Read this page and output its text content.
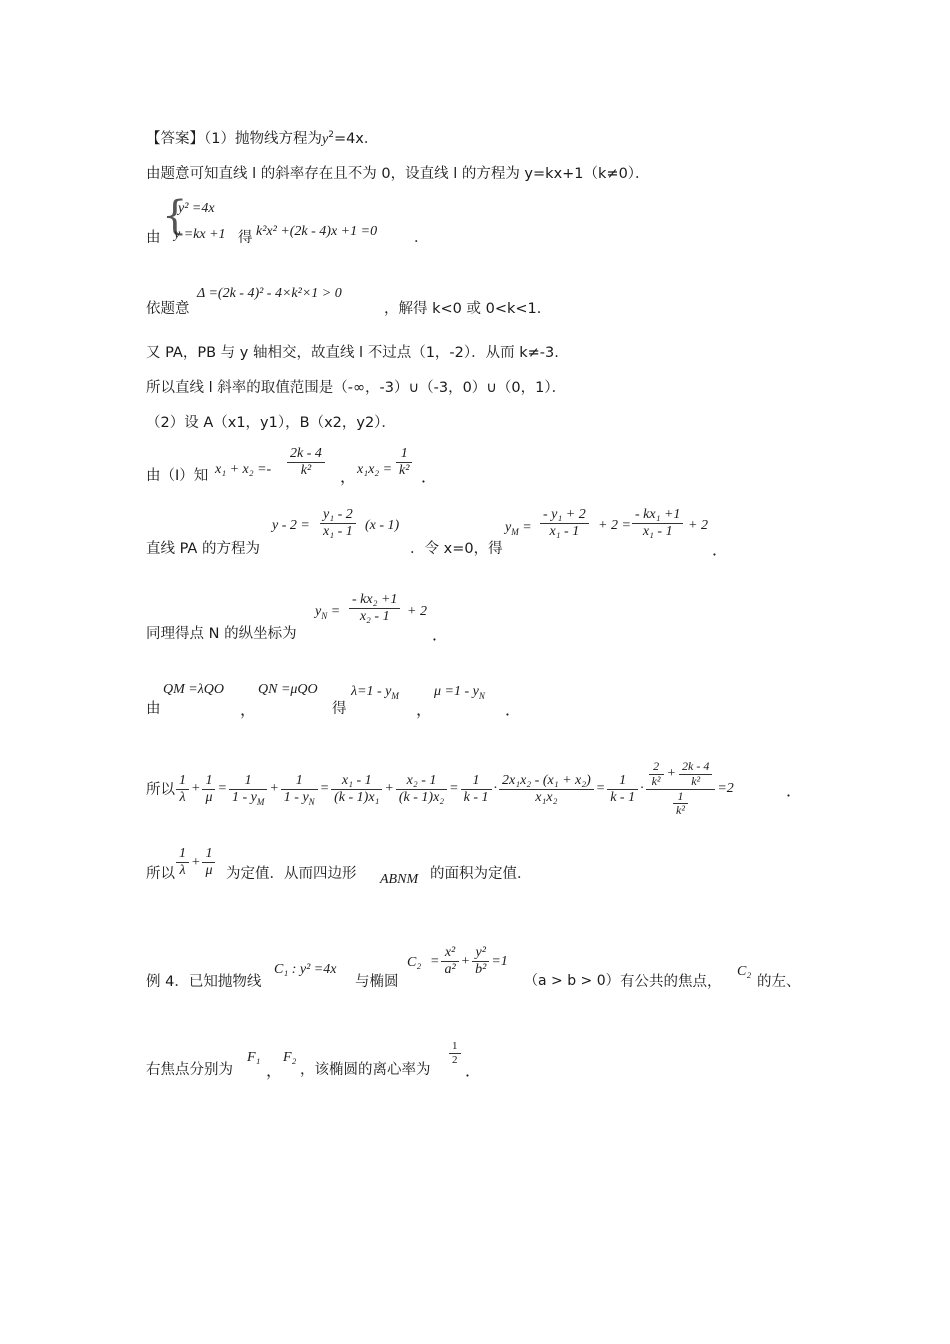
【答案】（1）抛物线方程为$y^2=4x$．
由题意可知直线 l 的斜率存在且不为 0，设直线 l 的方程为 y=kx+1（k≠0）．
由 {
y² =4x
y =kx +1 得 k²x² +(2k - 4)x +1 =0	．
依题意
Δ =(2k - 4)² - 4×k²×1 > 0
，解得 k<0 或 0<k<1.
又 PA，PB 与 y 轴相交，故直线 l 不过点（1，-2）．从而 k≠-3.
所以直线 l 斜率的取值范围是（-∞，-3）∪（-3，0）∪（0，1）．
（2）设 A（x1，y1），B（x2，y2）．
由（I）知 $x_1 + x_2 =- \frac{2k - 4}{\text{k²}}$ ， $x_1x_2 = \frac{1}{\text{k²}}$ ．
直线 PA 的方程为
$y - 2 = \frac{\text{y₁ - 2}}{\text{x₁ - 1}} (x - 1)$
．令 x=0，得
$y_M = \frac{\text{- y₁ + 2}}{\text{x₁ - 1}} + 2 = \frac{\text{- kx₁ +1}}{\text{x₁ - 1}} + 2$
．
同理得点 N 的纵坐标为
$y_N = \frac{\text{- kx₂ +1}}{\text{x₂ - 1}} + 2$
．
由
QM =λQO
，
QN =μQO
得
$\lambda=1 - y_M$
，
$\mu =1 - y_N$
．
所以 $\frac{1}{\lambda} + \frac{1}{\mu} = \frac{1}{1 - y_M} + \frac{1}{1 - y_N} = \frac{\text{x₁ - 1}}{\text{(k - 1)x₁}} + \frac{\text{x₂ - 1}}{\text{(k - 1)x₂}} = \frac{1}{k - 1} \cdot \frac{\text{2x₁x₂ - (x₁ + x₂)}}{\text{x₁x₂}} = \frac{1}{k - 1} \cdot \frac{\frac{2}{\text{k²}} + \frac{2k - 4}{\text{k²}}}{\frac{1}{\text{k²}}} =2$	．
所以 $\frac{1}{\lambda} + \frac{1}{\mu}$ 为定值．从而四边形 ABNM 的面积为定值．
例 4．已知抛物线
C₁ : y² =4x
与椭圆
$C_2 = \frac{\text{x²}}{\text{a²}} + \frac{\text{y²}}{\text{b²}} =1$
（a > b > 0） 有公共的焦点，
C₂
的左、
右焦点分别为
F₁
，
F₂
，该椭圆的离心率为
$\frac{1}{2}$
．
